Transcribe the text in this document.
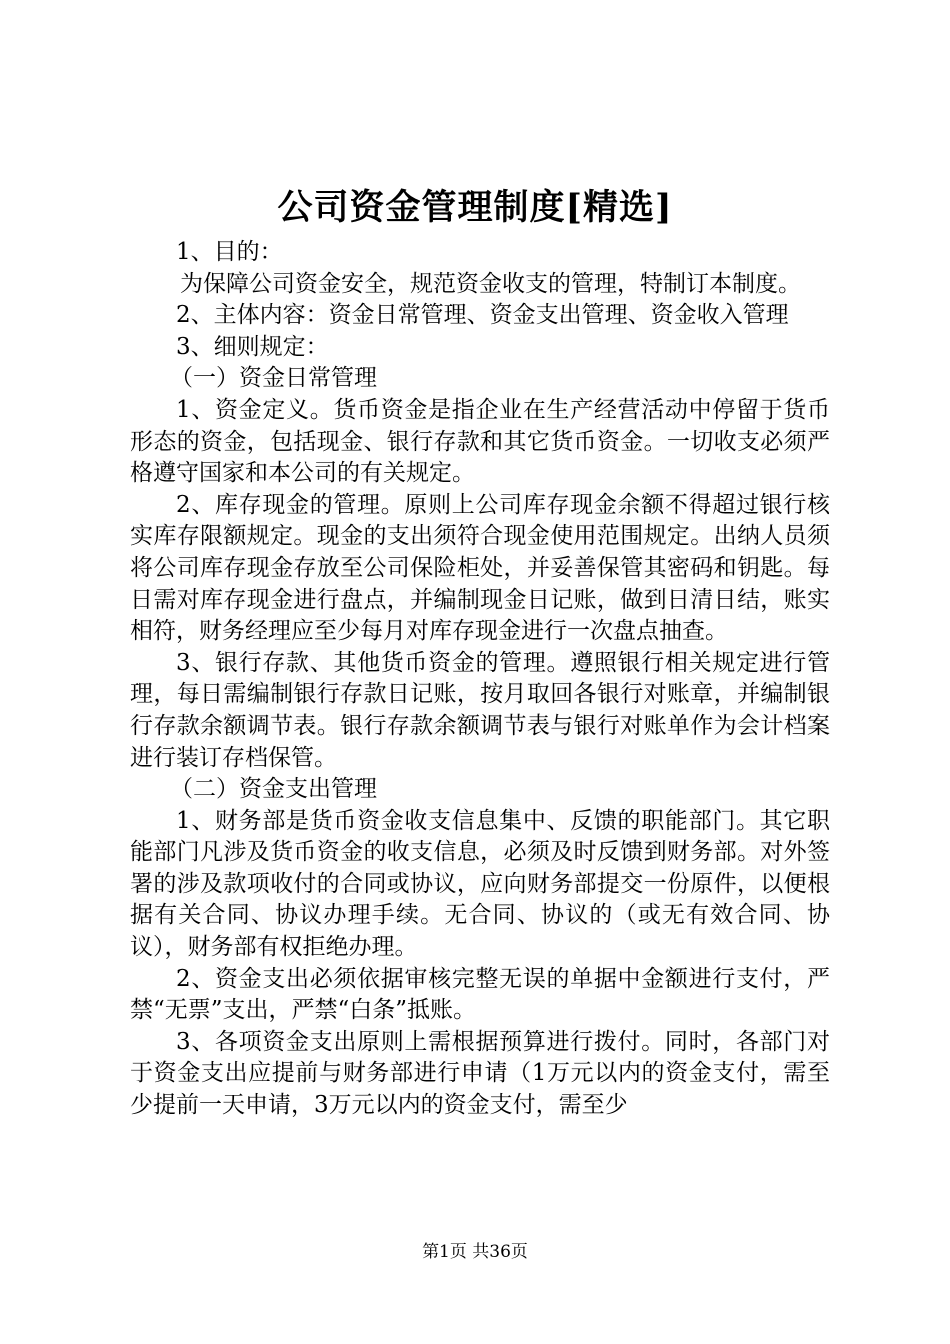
公司资金管理制度[精选]

1、目的：

为保障公司资金安全，规范资金收支的管理，特制订本制度。

2、主体内容：资金日常管理、资金支出管理、资金收入管理

3、细则规定：

（一）资金日常管理

1、资金定义。货币资金是指企业在生产经营活动中停留于货币形态的资金，包括现金、银行存款和其它货币资金。一切收支必须严格遵守国家和本公司的有关规定。

2、库存现金的管理。原则上公司库存现金余额不得超过银行核实库存限额规定。现金的支出须符合现金使用范围规定。出纳人员须将公司库存现金存放至公司保险柜处，并妥善保管其密码和钥匙。每日需对库存现金进行盘点，并编制现金日记账，做到日清日结，账实相符，财务经理应至少每月对库存现金进行一次盘点抽查。

3、银行存款、其他货币资金的管理。遵照银行相关规定进行管理，每日需编制银行存款日记账，按月取回各银行对账章，并编制银行存款余额调节表。银行存款余额调节表与银行对账单作为会计档案进行装订存档保管。

（二）资金支出管理

1、财务部是货币资金收支信息集中、反馈的职能部门。其它职能部门凡涉及货币资金的收支信息，必须及时反馈到财务部。对外签署的涉及款项收付的合同或协议，应向财务部提交一份原件，以便根据有关合同、协议办理手续。无合同、协议的（或无有效合同、协议），财务部有权拒绝办理。

2、资金支出必须依据审核完整无误的单据中金额进行支付，严禁“无票”支出，严禁“白条”抵账。

3、各项资金支出原则上需根据预算进行拨付。同时，各部门对于资金支出应提前与财务部进行申请（1万元以内的资金支付，需至少提前一天申请，3万元以内的资金支付，需至少

第1页 共36页
